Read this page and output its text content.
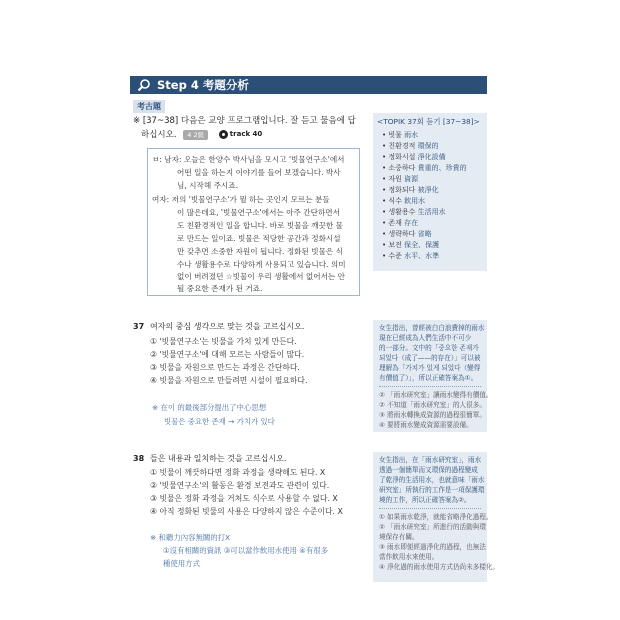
Step 4 考題分析
考古題
※ [37~38] 다음은 교양 프로그램입니다. 잘 듣고 물음에 답
하십시오. 4 2級	track 40
ㅂ: 남자: 오늘은 한양수 박사님을 모시고 '빗물연구소'에서
어떤 일을 하는지 이야기를 들어 보겠습니다. 박사
님, 시작해 주시죠.
여자: 저의 '빗물연구소'가 뭘 하는 곳인지 모르는 분들
이 많은데요, '빗물연구소'에서는 아주 간단하면서
도 친환경적인 일을 합니다. 바로 빗물을 깨끗한 물
로 만드는 일이죠. 빗물은 적당한 공간과 정화시설
만 갖추면 소중한 자원이 됩니다. 정화된 빗물은 식
수나 생활용수로 다양하게 사용되고 있습니다. 의미
없이 버려졌던 ☆빗물이 우리 생활에서 없어서는 안
될 중요한 존재가 된 거죠.
<TOPIK 37회 듣기 [37~38]>
• 빗물 雨水
• 친환경적 環保的
• 정화시설 淨化設備
• 소중하다 貴重的、珍貴的
• 자원 資源
• 정화되다 被淨化
• 식수 飲用水
• 생활용수 生活用水
• 존재 存在
• 생략하다 省略
• 보전 保全、保護
• 수준 水平、水準
37 여자의 중심 생각으로 맞는 것을 고르십시오.
① '빗물연구소'는 빗물을 가치 있게 만든다.
② '빗물연구소'에 대해 모르는 사람들이 많다.
③ 빗물을 자원으로 만드는 과정은 간단하다.
④ 빗물을 자원으로 만들려면 시설이 필요하다.
※ 在이 的最後部分提出了中心思想
빗물은 중요한 존재 → 가치가 있다
女生指出，曾經被白白浪費掉的雨水
現在已經成為人們生活中不可少
的一部分。文中的「중요한 존재가
되었다（成了——的存在）」可以被
理解為「가치가 있게 되었다（變得
有價值了）」，所以正確答案為①。
② 「雨水研究室」讓雨水變得有價值。
② 不知道「雨水研究室」的人很多。
③ 將雨水轉換成資源的過程很簡單。
④ 要將雨水變成資源需要設備。
38 들은 내용과 일치하는 것을 고르십시오.
① 빗물이 깨끗하다면 정화 과정을 생략해도 된다. X
② '빗물연구소'의 활동은 환경 보전과도 관련이 있다.
③ 빗물은 정화 과정을 거쳐도 식수로 사용할 수 없다. X
④ 아직 정화된 빗물의 사용은 다양하지 않은 수준이다. X
※ 和聽力內容無關的打X
①沒有相關的資訊 ③可以當作飲用水使用 ④有很多
種使用方式
女生指出，在「雨水研究室」，雨水
透過一個簡單而又環保的過程變成
了乾淨的生活用水，也就意味「雨水
研究室」所執行的工作是一項保護環
境的工作，所以正確答案為②。
① 如果雨水乾淨，就能省略淨化過程。
② 「雨水研究室」所進行的活動與環
境保存有關。
③ 雨水即便經過淨化的過程，也無法
當作飲用水來使用。
④ 淨化過的雨水使用方式仍尚未多樣化。
